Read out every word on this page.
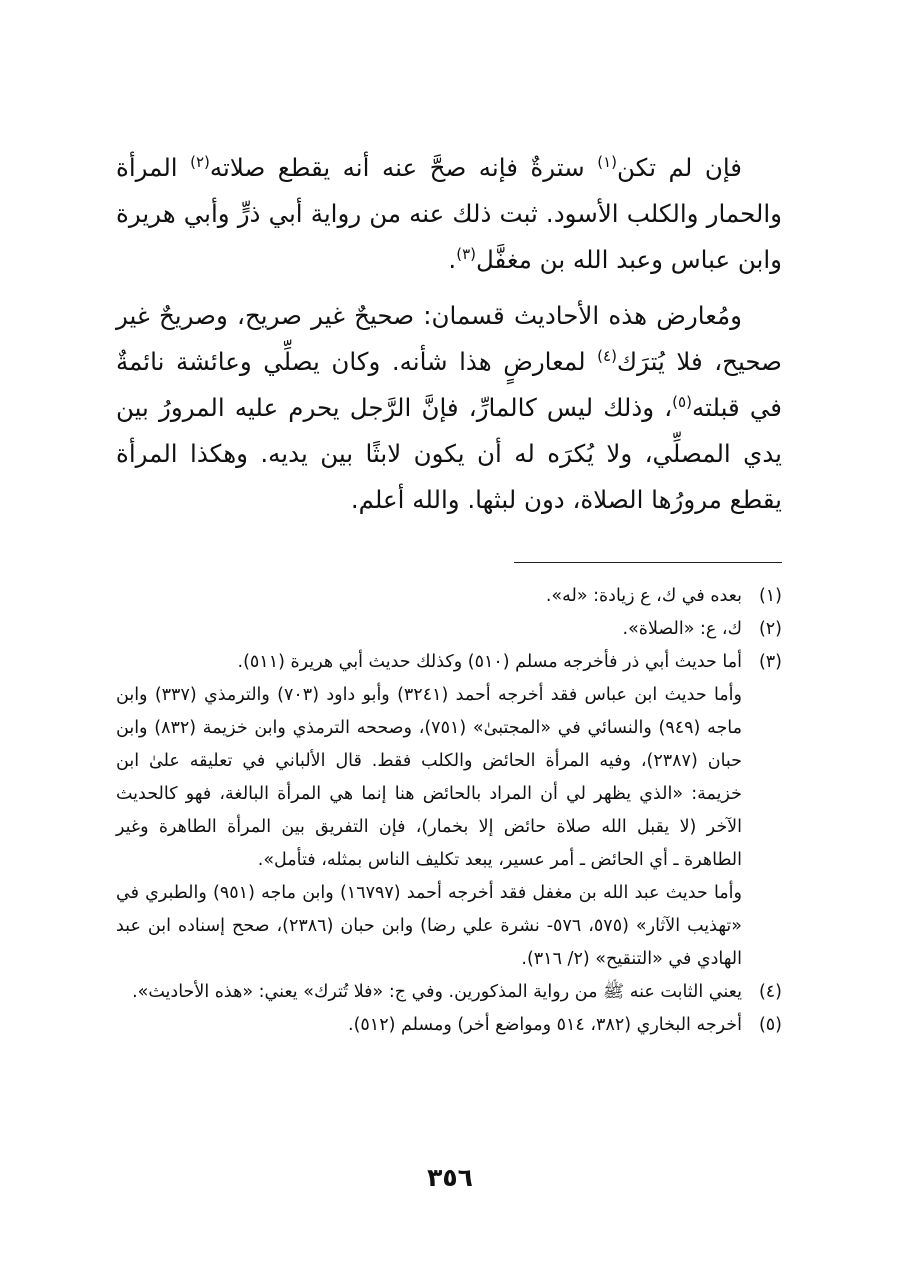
فإن لم تكن$^{(١)}$ سترةٌ فإنه صحَّ عنه أنه يقطع صلاته$^{(٢)}$ المرأة والحمار والكلب الأسود. ثبت ذلك عنه من رواية أبي ذرٍّ وأبي هريرة وابن عباس وعبد الله بن مغفَّل$^{(٣)}$.

ومُعارض هذه الأحاديث قسمان: صحيحٌ غير صريح، وصريحٌ غير صحيح، فلا يُترَك$^{(٤)}$ لمعارضٍ هذا شأنه. وكان يصلِّي وعائشة نائمةٌ في قبلته$^{(٥)}$، وذلك ليس كالمارِّ، فإنَّ الرَّجل يحرم عليه المرورُ بين يدي المصلِّي، ولا يُكرَه له أن يكون لابثًا بين يديه. وهكذا المرأة يقطع مرورُها الصلاة، دون لبثها. والله أعلم.

(١)
بعده في ك، ع زيادة: «له».
(٢)
ك، ع: «الصلاة».
(٣)
أما حديث أبي ذر فأخرجه مسلم (٥١٠) وكذلك حديث أبي هريرة (٥١١).
وأما حديث ابن عباس فقد أخرجه أحمد (٣٢٤١) وأبو داود (٧٠٣) والترمذي (٣٣٧) وابن ماجه (٩٤٩) والنسائي في «المجتبىٰ» (٧٥١)، وصححه الترمذي وابن خزيمة (٨٣٢) وابن حبان (٢٣٨٧)، وفيه المرأة الحائض والكلب فقط. قال الألباني في تعليقه علىٰ ابن خزيمة: «الذي يظهر لي أن المراد بالحائض هنا إنما هي المرأة البالغة، فهو كالحديث الآخر (لا يقبل الله صلاة حائض إلا بخمار)، فإن التفريق بين المرأة الطاهرة وغير الطاهرة ـ أي الحائض ـ أمر عسير، يبعد تكليف الناس بمثله، فتأمل».
وأما حديث عبد الله بن مغفل فقد أخرجه أحمد (١٦٧٩٧) وابن ماجه (٩٥١) والطبري في «تهذيب الآثار» (٥٧٥، ٥٧٦- نشرة علي رضا) وابن حبان (٢٣٨٦)، صحح إسناده ابن عبد الهادي في «التنقيح» (٢/ ٣١٦).
(٤)
يعني الثابت عنه ﷺ من رواية المذكورين. وفي ج: «فلا تُترك» يعني: «هذه الأحاديث».
(٥)
أخرجه البخاري (٣٨٢، ٥١٤ ومواضع أخر) ومسلم (٥١٢).
٣٥٦
